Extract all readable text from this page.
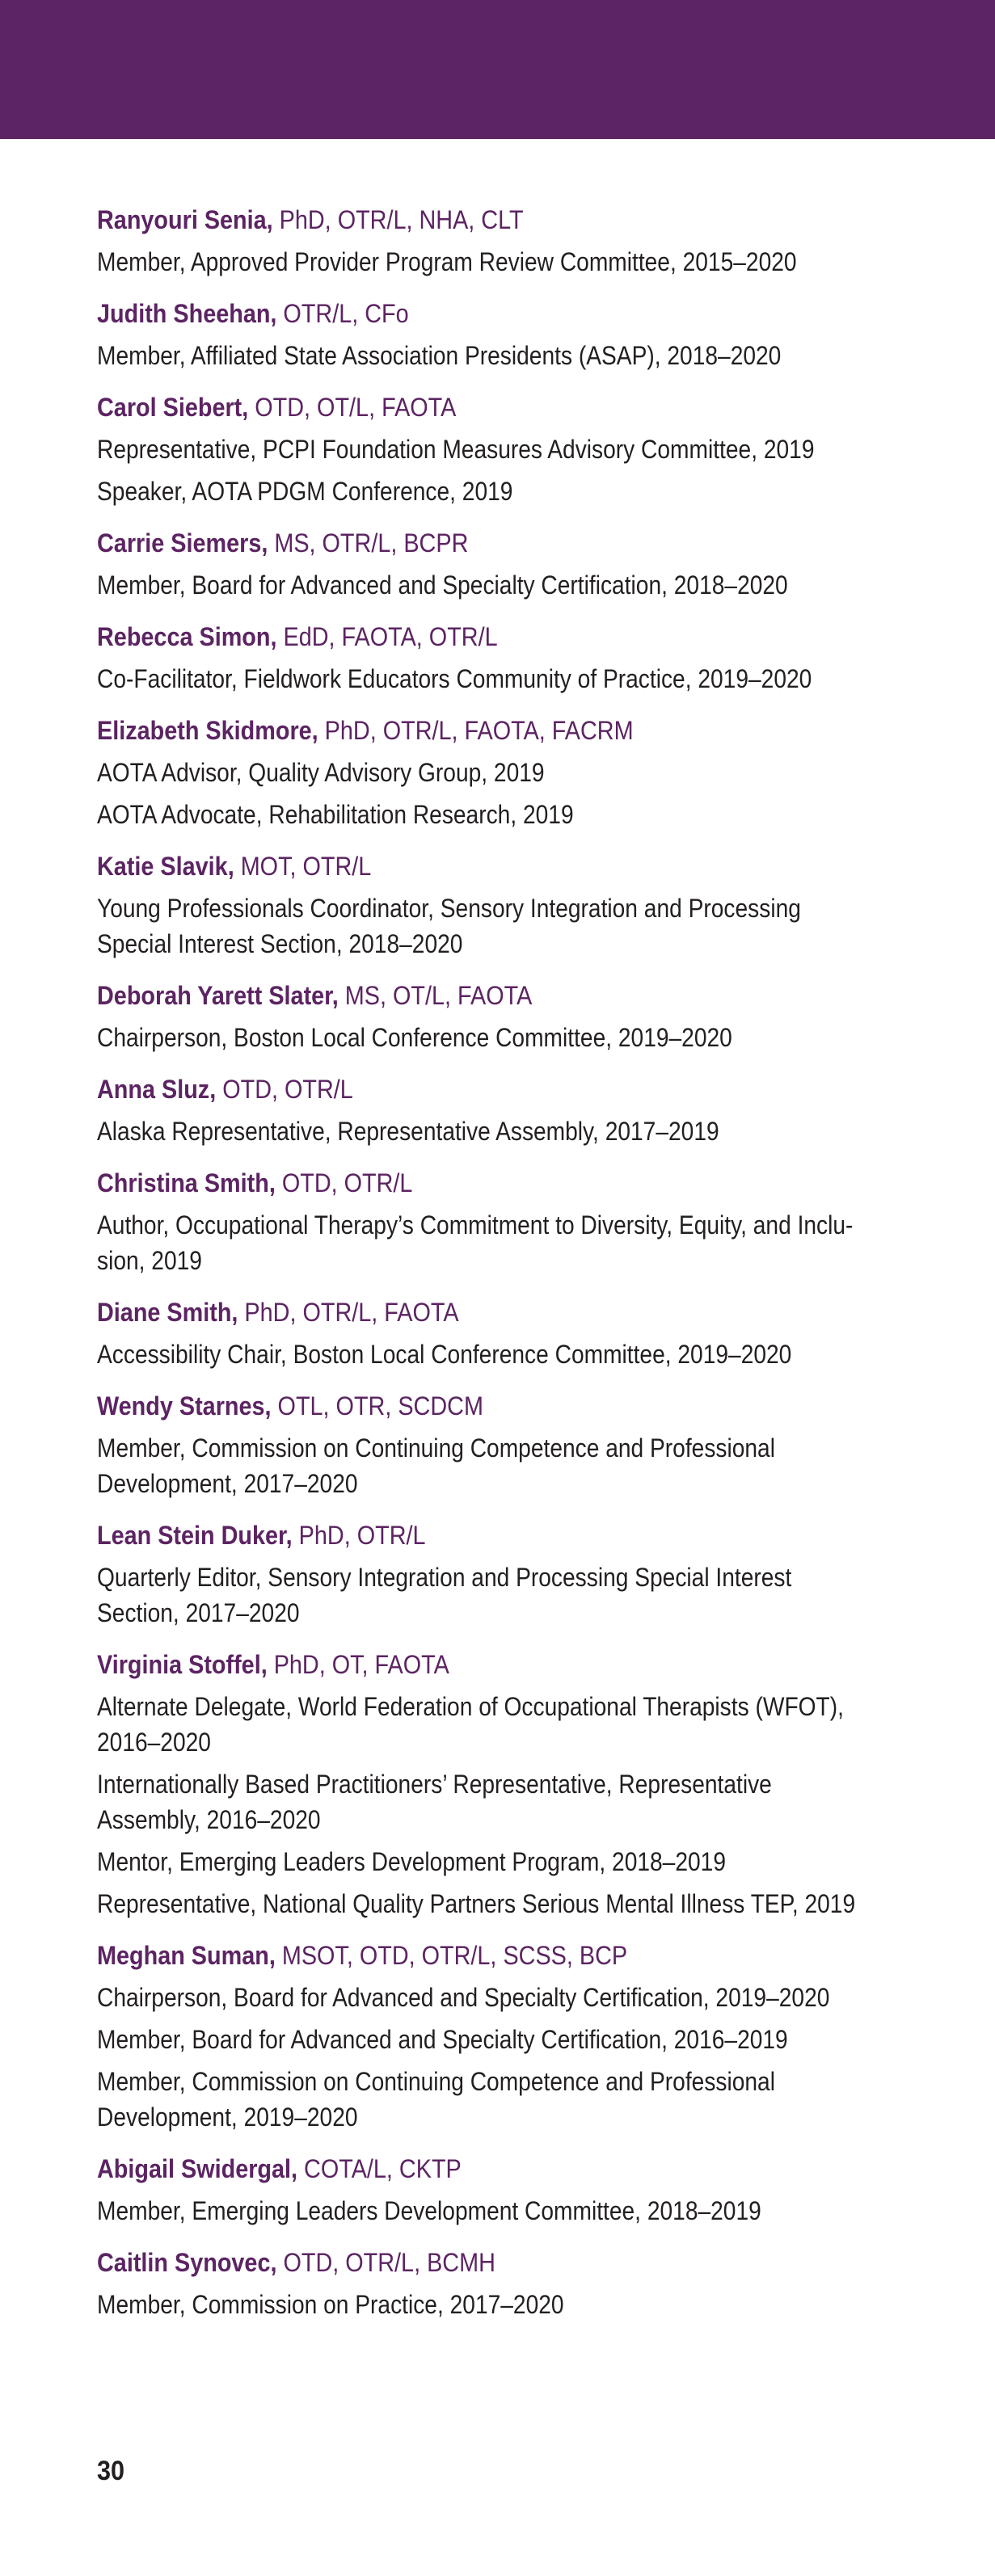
Ranyouri Senia, PhD, OTR/L, NHA, CLT
Member, Approved Provider Program Review Committee, 2015–2020
Judith Sheehan, OTR/L, CFo
Member, Affiliated State Association Presidents (ASAP), 2018–2020
Carol Siebert, OTD, OT/L, FAOTA
Representative, PCPI Foundation Measures Advisory Committee, 2019
Speaker, AOTA PDGM Conference, 2019
Carrie Siemers, MS, OTR/L, BCPR
Member, Board for Advanced and Specialty Certification, 2018–2020
Rebecca Simon, EdD, FAOTA, OTR/L
Co-Facilitator, Fieldwork Educators Community of Practice, 2019–2020
Elizabeth Skidmore, PhD, OTR/L, FAOTA, FACRM
AOTA Advisor, Quality Advisory Group, 2019
AOTA Advocate, Rehabilitation Research, 2019
Katie Slavik, MOT, OTR/L
Young Professionals Coordinator, Sensory Integration and Processing Special Interest Section, 2018–2020
Deborah Yarett Slater, MS, OT/L, FAOTA
Chairperson, Boston Local Conference Committee, 2019–2020
Anna Sluz, OTD, OTR/L
Alaska Representative, Representative Assembly, 2017–2019
Christina Smith, OTD, OTR/L
Author, Occupational Therapy’s Commitment to Diversity, Equity, and Inclu-sion, 2019
Diane Smith, PhD, OTR/L, FAOTA
Accessibility Chair, Boston Local Conference Committee, 2019–2020
Wendy Starnes, OTL, OTR, SCDCM
Member, Commission on Continuing Competence and Professional Development, 2017–2020
Lean Stein Duker, PhD, OTR/L
Quarterly Editor, Sensory Integration and Processing Special Interest Section, 2017–2020
Virginia Stoffel, PhD, OT, FAOTA
Alternate Delegate, World Federation of Occupational Therapists (WFOT), 2016–2020
Internationally Based Practitioners’ Representative, Representative Assembly, 2016–2020
Mentor, Emerging Leaders Development Program, 2018–2019
Representative, National Quality Partners Serious Mental Illness TEP, 2019
Meghan Suman, MSOT, OTD, OTR/L, SCSS, BCP
Chairperson, Board for Advanced and Specialty Certification, 2019–2020
Member, Board for Advanced and Specialty Certification, 2016–2019
Member, Commission on Continuing Competence and Professional Development, 2019–2020
Abigail Swidergal, COTA/L, CKTP
Member, Emerging Leaders Development Committee, 2018–2019
Caitlin Synovec, OTD, OTR/L, BCMH
Member, Commission on Practice, 2017–2020
30
